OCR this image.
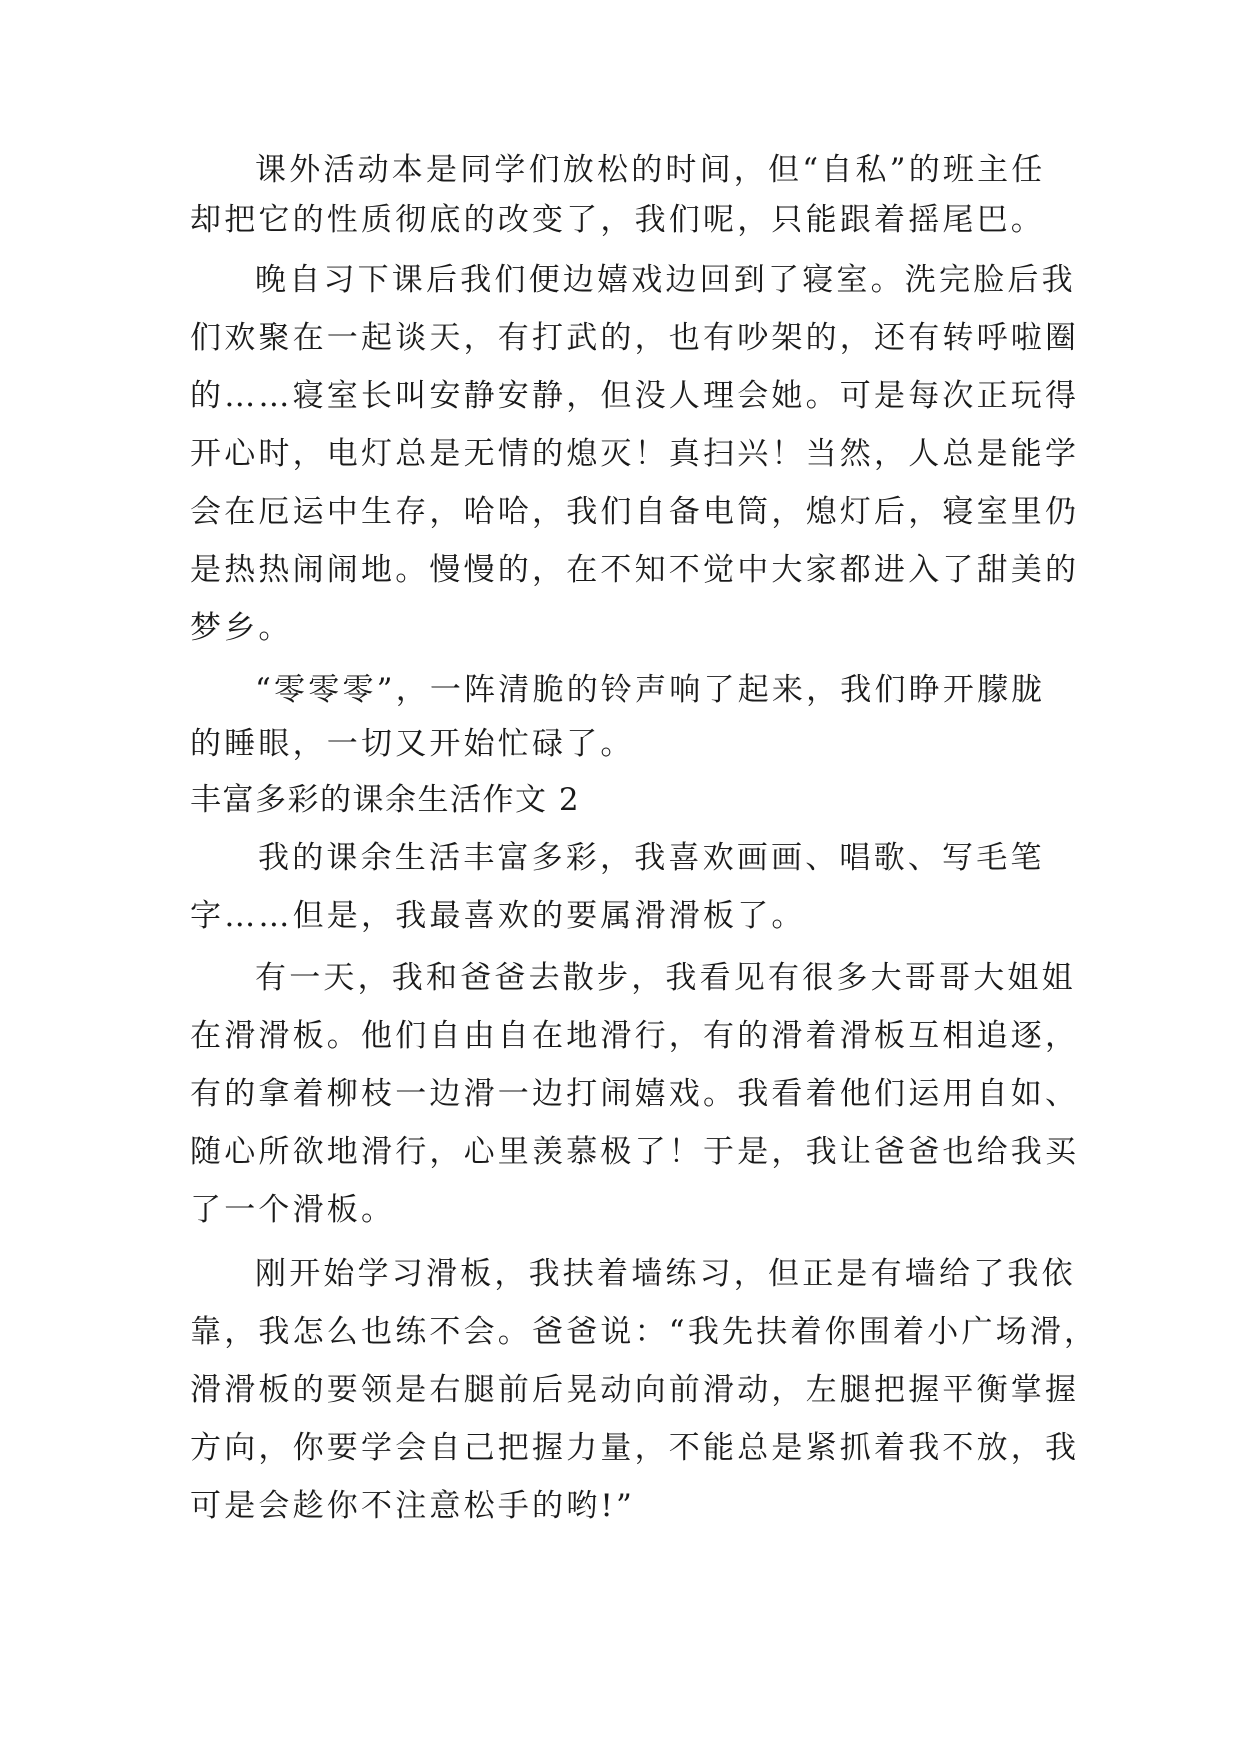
课外活动本是同学们放松的时间，但“自私”的班主任
却把它的性质彻底的改变了，我们呢，只能跟着摇尾巴。
晚自习下课后我们便边嬉戏边回到了寝室。洗完脸后我
们欢聚在一起谈天，有打武的，也有吵架的，还有转呼啦圈
的……寝室长叫安静安静，但没人理会她。可是每次正玩得
开心时，电灯总是无情的熄灭！真扫兴！当然，人总是能学
会在厄运中生存，哈哈，我们自备电筒，熄灯后，寝室里仍
是热热闹闹地。慢慢的，在不知不觉中大家都进入了甜美的
梦乡。
“零零零”，一阵清脆的铃声响了起来，我们睁开朦胧
的睡眼，一切又开始忙碌了。
丰富多彩的课余生活作文 2
我的课余生活丰富多彩，我喜欢画画、唱歌、写毛笔
字……但是，我最喜欢的要属滑滑板了。
有一天，我和爸爸去散步，我看见有很多大哥哥大姐姐
在滑滑板。他们自由自在地滑行，有的滑着滑板互相追逐，
有的拿着柳枝一边滑一边打闹嬉戏。我看着他们运用自如、
随心所欲地滑行，心里羡慕极了！于是，我让爸爸也给我买
了一个滑板。
刚开始学习滑板，我扶着墙练习，但正是有墙给了我依
靠，我怎么也练不会。爸爸说：“我先扶着你围着小广场滑，
滑滑板的要领是右腿前后晃动向前滑动，左腿把握平衡掌握
方向，你要学会自己把握力量，不能总是紧抓着我不放，我
可是会趁你不注意松手的哟!”
